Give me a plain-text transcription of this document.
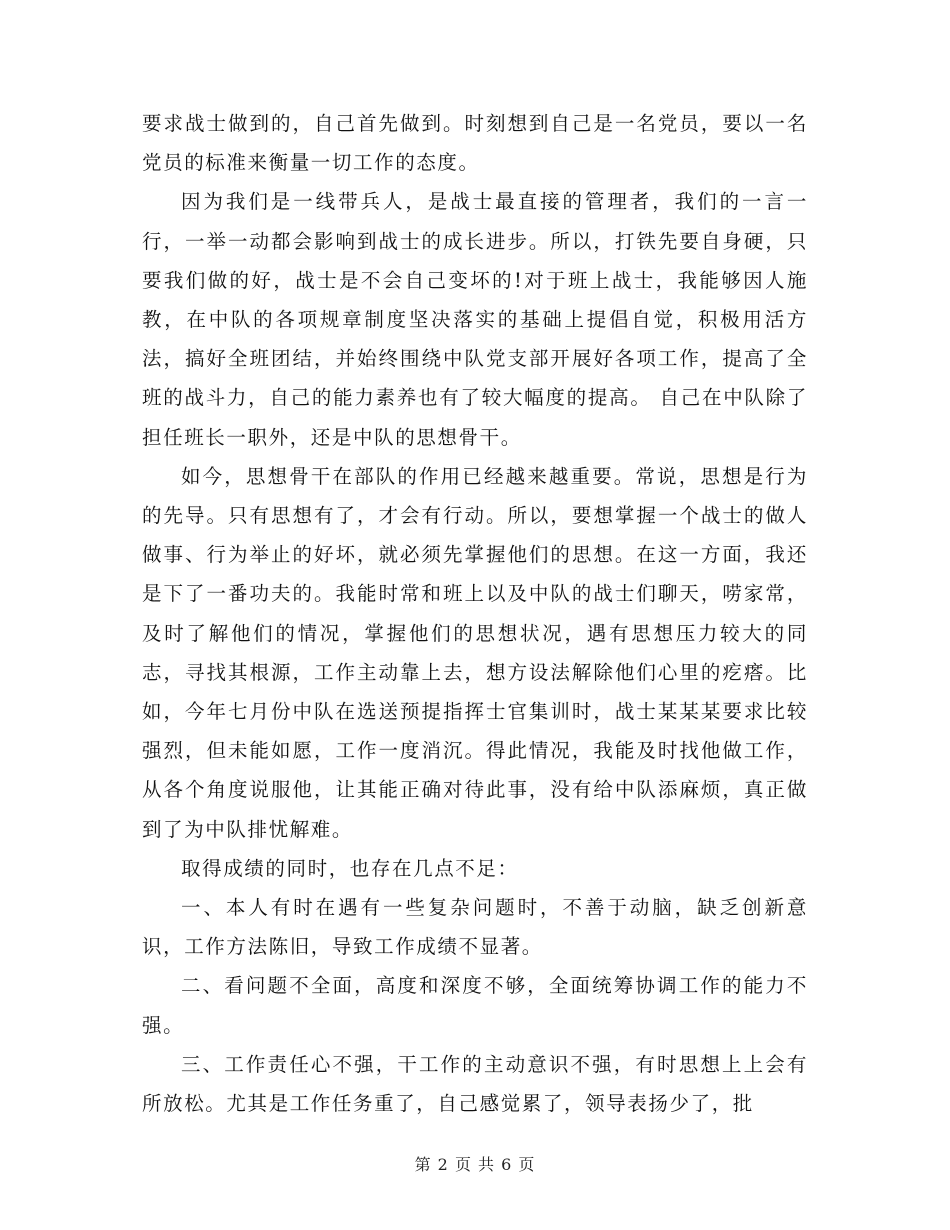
要求战士做到的，自己首先做到。时刻想到自己是一名党员，要以一名党员的标准来衡量一切工作的态度。

因为我们是一线带兵人，是战士最直接的管理者，我们的一言一行，一举一动都会影响到战士的成长进步。所以，打铁先要自身硬，只要我们做的好，战士是不会自己变坏的!对于班上战士，我能够因人施教，在中队的各项规章制度坚决落实的基础上提倡自觉，积极用活方法，搞好全班团结，并始终围绕中队党支部开展好各项工作，提高了全班的战斗力，自己的能力素养也有了较大幅度的提高。 自己在中队除了担任班长一职外，还是中队的思想骨干。

如今，思想骨干在部队的作用已经越来越重要。常说，思想是行为的先导。只有思想有了，才会有行动。所以，要想掌握一个战士的做人做事、行为举止的好坏，就必须先掌握他们的思想。在这一方面，我还是下了一番功夫的。我能时常和班上以及中队的战士们聊天，唠家常，及时了解他们的情况，掌握他们的思想状况，遇有思想压力较大的同志，寻找其根源，工作主动靠上去，想方设法解除他们心里的疙瘩。比如，今年七月份中队在选送预提指挥士官集训时，战士某某某要求比较强烈，但未能如愿，工作一度消沉。得此情况，我能及时找他做工作，从各个角度说服他，让其能正确对待此事，没有给中队添麻烦，真正做到了为中队排忧解难。

取得成绩的同时，也存在几点不足：

一、本人有时在遇有一些复杂问题时，不善于动脑，缺乏创新意识，工作方法陈旧，导致工作成绩不显著。

二、看问题不全面，高度和深度不够，全面统筹协调工作的能力不强。

三、工作责任心不强，干工作的主动意识不强，有时思想上上会有所放松。尤其是工作任务重了，自己感觉累了，领导表扬少了，批

第 2 页 共 6 页
